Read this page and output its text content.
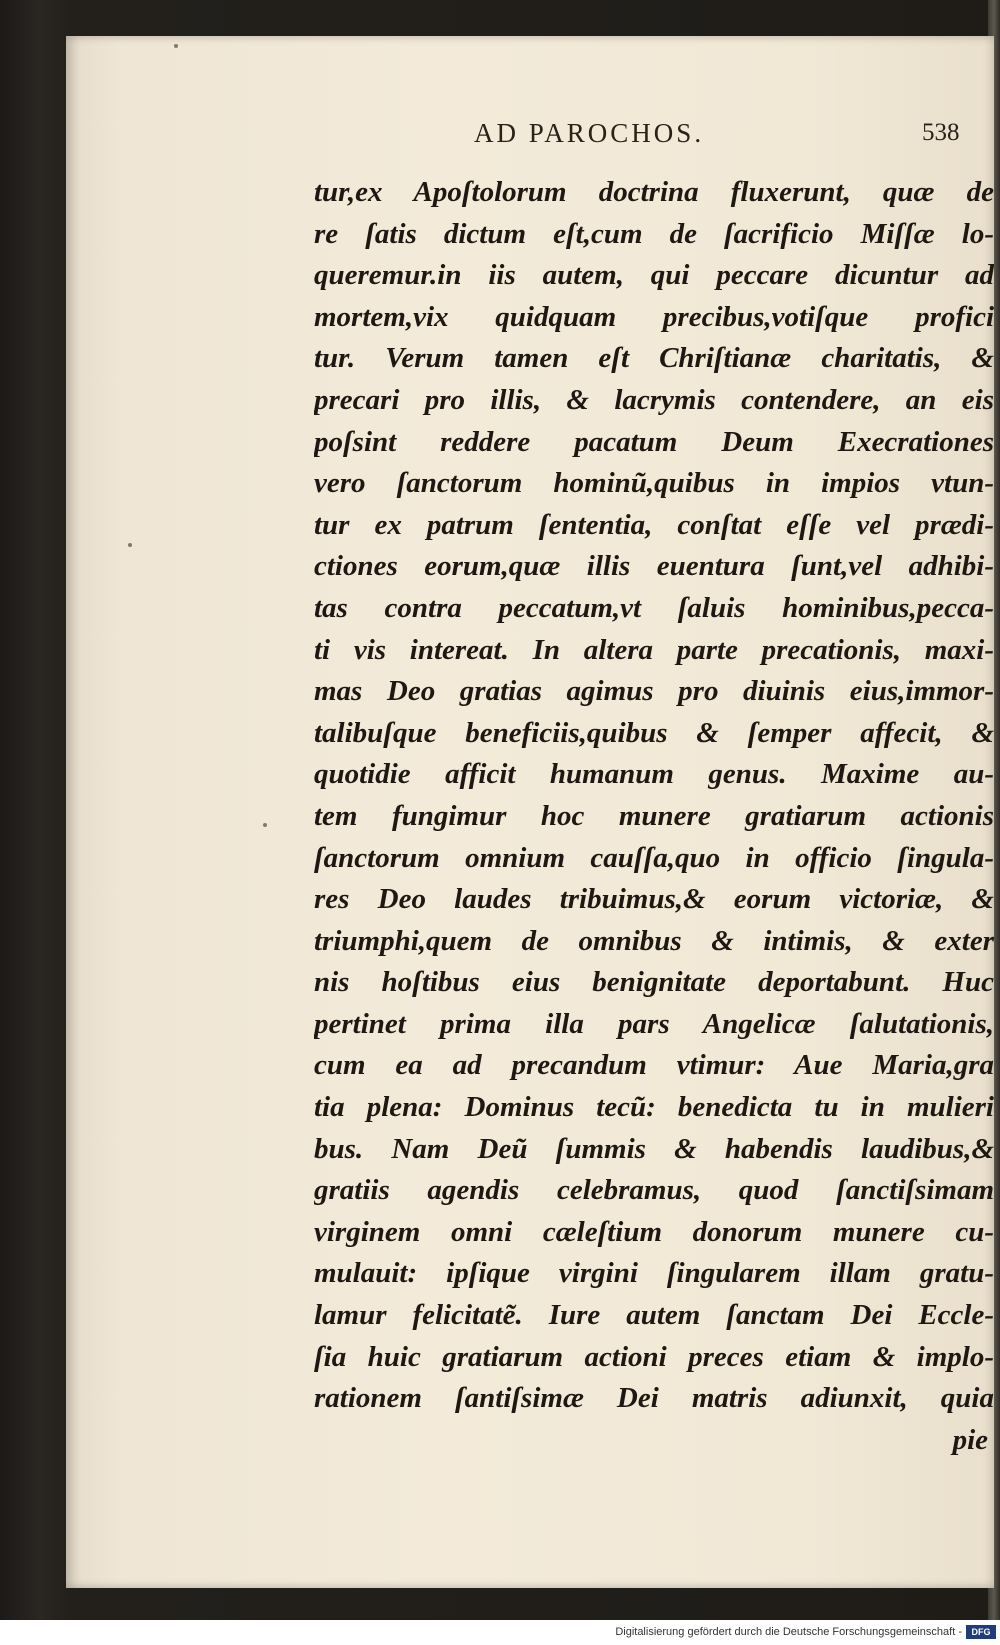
AD PAROCHOS.	538
tur,ex Apoſtolorum doctrina fluxerunt, quæ de
re ſatis dictum eſt,cum de ſacrificio Miſſæ lo-
queremur.in iis autem, qui peccare dicuntur ad
mortem,vix quidquam precibus,votiſque profici
tur. Verum tamen eſt Chriſtianæ charitatis, &
precari pro illis, & lacrymis contendere, an eis
poſsint reddere pacatum Deum Execrationes
vero ſanctorum hominũ,quibus in impios vtun-
tur ex patrum ſententia, conſtat eſſe vel prædi-
ctiones eorum,quæ illis euentura ſunt,vel adhibi-
tas contra peccatum,vt ſaluis hominibus,pecca-
ti vis intereat. In altera parte precationis, maxi-
mas Deo gratias agimus pro diuinis eius,immor-
talibuſque beneficiis,quibus & ſemper affecit, &
quotidie afficit humanum genus. Maxime au-
tem fungimur hoc munere gratiarum actionis
ſanctorum omnium cauſſa,quo in officio ſingula-
res Deo laudes tribuimus,& eorum victoriæ, &
triumphi,quem de omnibus & intimis, & exter
nis hoſtibus eius benignitate deportabunt. Huc
pertinet prima illa pars Angelicæ ſalutationis,
cum ea ad precandum vtimur: Aue Maria,gra
tia plena: Dominus tecũ: benedicta tu in mulieri
bus. Nam Deũ ſummis & habendis laudibus,&
gratiis agendis celebramus, quod ſanctiſsimam
virginem omni cæleſtium donorum munere cu-
mulauit: ipſique virgini ſingularem illam gratu-
lamur felicitatẽ. Iure autem ſanctam Dei Eccle-
ſia huic gratiarum actioni preces etiam & implo-
rationem ſantiſsimæ Dei matris adiunxit, quia
pie
Digitalisierung gefördert durch die Deutsche Forschungsgemeinschaft -	DFG
